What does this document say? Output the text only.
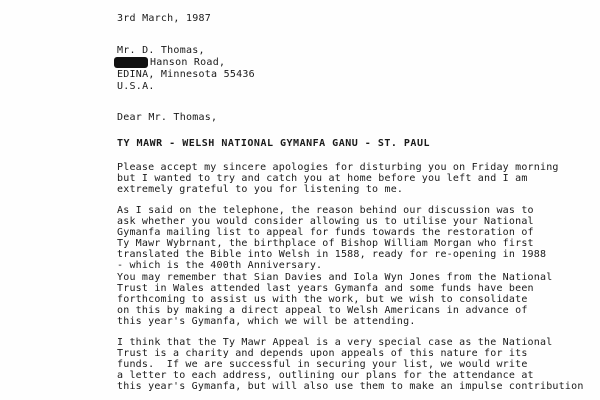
3rd March, 1987
Mr. D. Thomas,
Hanson Road,
EDINA, Minnesota 55436
U.S.A.
Dear Mr. Thomas,
TY MAWR - WELSH NATIONAL GYMANFA GANU - ST. PAUL
Please accept my sincere apologies for disturbing you on Friday morning
but I wanted to try and catch you at home before you left and I am
extremely grateful to you for listening to me.
As I said on the telephone, the reason behind our discussion was to
ask whether you would consider allowing us to utilise your National
Gymanfa mailing list to appeal for funds towards the restoration of
Ty Mawr Wybrnant, the birthplace of Bishop William Morgan who first
translated the Bible into Welsh in 1588, ready for re-opening in 1988
- which is the 400th Anniversary.
You may remember that Sian Davies and Iola Wyn Jones from the National
Trust in Wales attended last years Gymanfa and some funds have been
forthcoming to assist us with the work, but we wish to consolidate
on this by making a direct appeal to Welsh Americans in advance of
this year's Gymanfa, which we will be attending.
I think that the Ty Mawr Appeal is a very special case as the National
Trust is a charity and depends upon appeals of this nature for its
funds.  If we are successful in securing your list, we would write
a letter to each address, outlining our plans for the attendance at
this year's Gymanfa, but will also use them to make an impulse contribution
